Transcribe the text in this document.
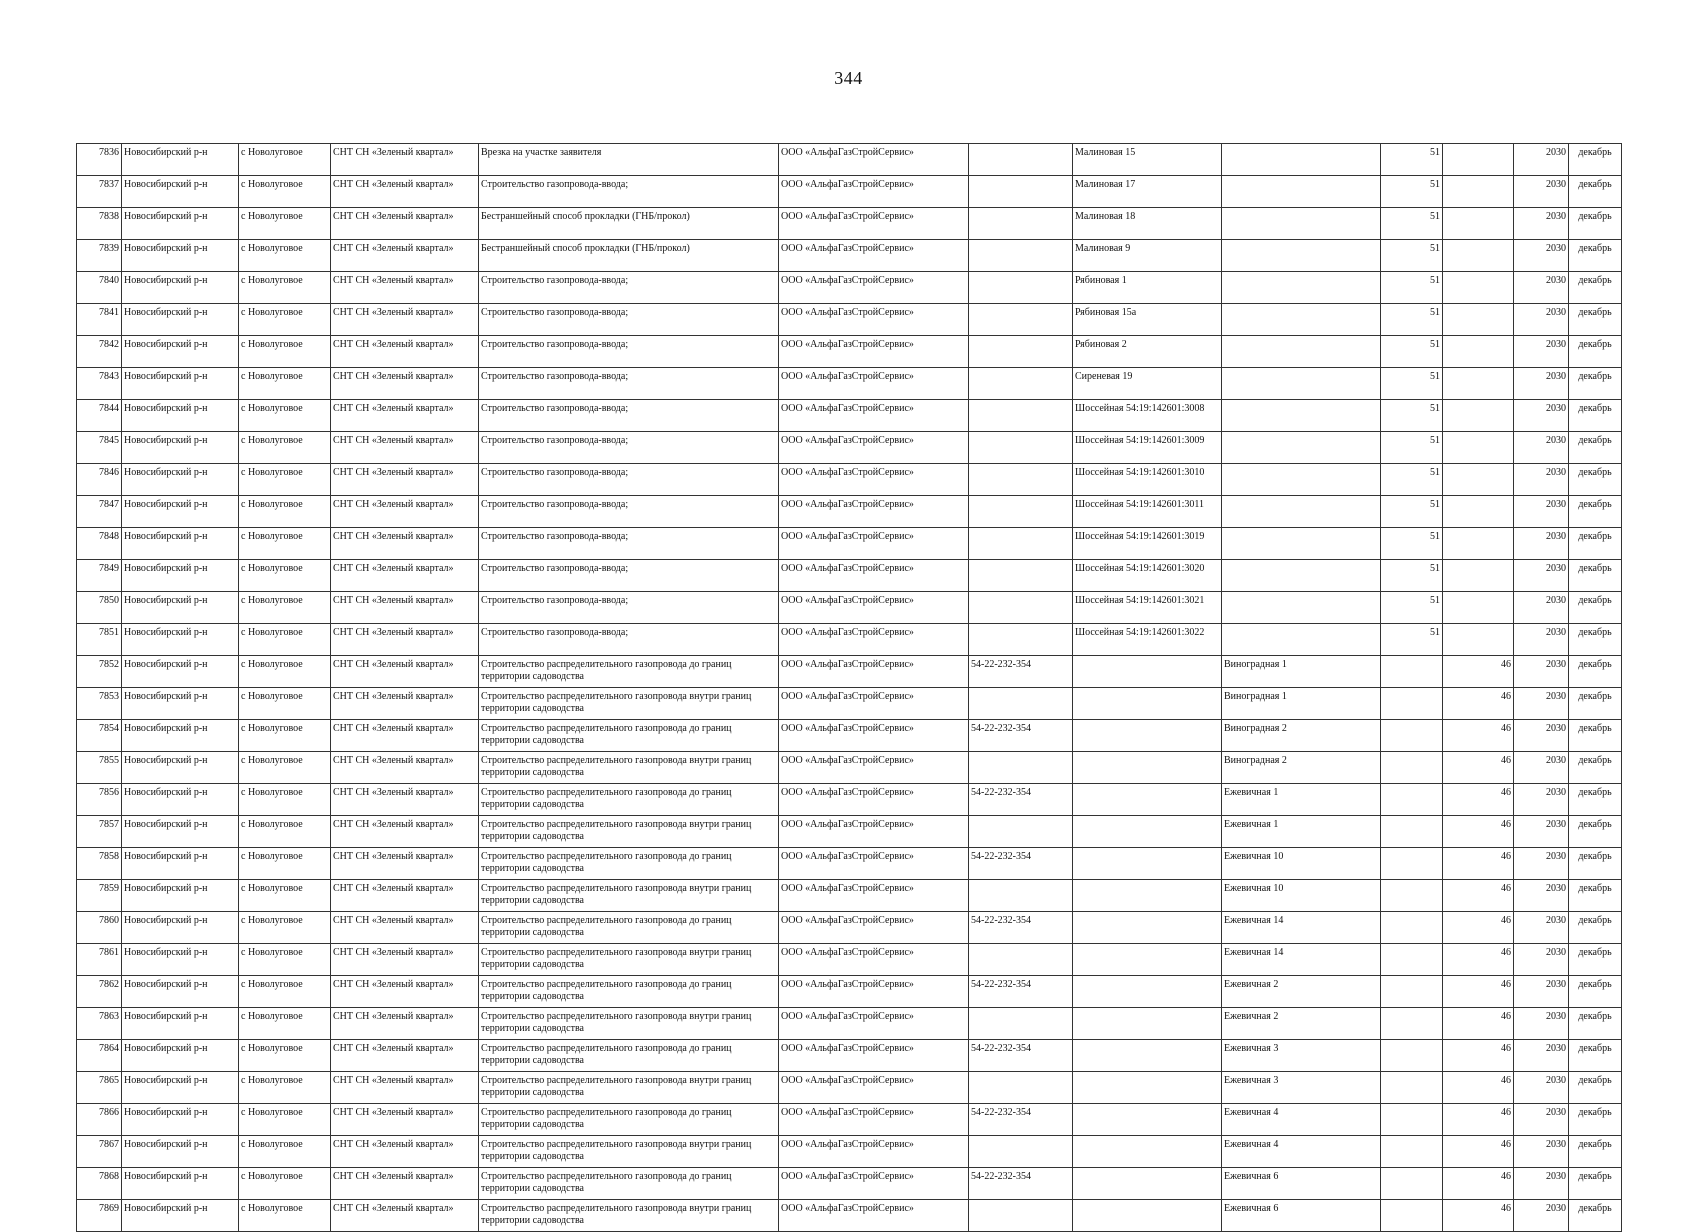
344
7836	Новосибирский р-н	с Новолуговое	СНТ СН «Зеленый квартал»	Врезка на участке заявителя	ООО «АльфаГазСтройСервис»		Малиновая 15		51		2030	декабрь
7837	Новосибирский р-н	с Новолуговое	СНТ СН «Зеленый квартал»	Строительство газопровода-ввода;	ООО «АльфаГазСтройСервис»		Малиновая 17		51		2030	декабрь
7838	Новосибирский р-н	с Новолуговое	СНТ СН «Зеленый квартал»	Бестраншейный способ прокладки (ГНБ/прокол)	ООО «АльфаГазСтройСервис»		Малиновая 18		51		2030	декабрь
7839	Новосибирский р-н	с Новолуговое	СНТ СН «Зеленый квартал»	Бестраншейный способ прокладки (ГНБ/прокол)	ООО «АльфаГазСтройСервис»		Малиновая 9		51		2030	декабрь
7840	Новосибирский р-н	с Новолуговое	СНТ СН «Зеленый квартал»	Строительство газопровода-ввода;	ООО «АльфаГазСтройСервис»		Рябиновая 1		51		2030	декабрь
7841	Новосибирский р-н	с Новолуговое	СНТ СН «Зеленый квартал»	Строительство газопровода-ввода;	ООО «АльфаГазСтройСервис»		Рябиновая 15а		51		2030	декабрь
7842	Новосибирский р-н	с Новолуговое	СНТ СН «Зеленый квартал»	Строительство газопровода-ввода;	ООО «АльфаГазСтройСервис»		Рябиновая 2		51		2030	декабрь
7843	Новосибирский р-н	с Новолуговое	СНТ СН «Зеленый квартал»	Строительство газопровода-ввода;	ООО «АльфаГазСтройСервис»		Сиреневая 19		51		2030	декабрь
7844	Новосибирский р-н	с Новолуговое	СНТ СН «Зеленый квартал»	Строительство газопровода-ввода;	ООО «АльфаГазСтройСервис»		Шоссейная 54:19:142601:3008		51		2030	декабрь
7845	Новосибирский р-н	с Новолуговое	СНТ СН «Зеленый квартал»	Строительство газопровода-ввода;	ООО «АльфаГазСтройСервис»		Шоссейная 54:19:142601:3009		51		2030	декабрь
7846	Новосибирский р-н	с Новолуговое	СНТ СН «Зеленый квартал»	Строительство газопровода-ввода;	ООО «АльфаГазСтройСервис»		Шоссейная 54:19:142601:3010		51		2030	декабрь
7847	Новосибирский р-н	с Новолуговое	СНТ СН «Зеленый квартал»	Строительство газопровода-ввода;	ООО «АльфаГазСтройСервис»		Шоссейная 54:19:142601:3011		51		2030	декабрь
7848	Новосибирский р-н	с Новолуговое	СНТ СН «Зеленый квартал»	Строительство газопровода-ввода;	ООО «АльфаГазСтройСервис»		Шоссейная 54:19:142601:3019		51		2030	декабрь
7849	Новосибирский р-н	с Новолуговое	СНТ СН «Зеленый квартал»	Строительство газопровода-ввода;	ООО «АльфаГазСтройСервис»		Шоссейная 54:19:142601:3020		51		2030	декабрь
7850	Новосибирский р-н	с Новолуговое	СНТ СН «Зеленый квартал»	Строительство газопровода-ввода;	ООО «АльфаГазСтройСервис»		Шоссейная 54:19:142601:3021		51		2030	декабрь
7851	Новосибирский р-н	с Новолуговое	СНТ СН «Зеленый квартал»	Строительство газопровода-ввода;	ООО «АльфаГазСтройСервис»		Шоссейная 54:19:142601:3022		51		2030	декабрь
7852	Новосибирский р-н	с Новолуговое	СНТ СН «Зеленый квартал»	Строительство распределительного газопровода до границ территории садоводства	ООО «АльфаГазСтройСервис»	54-22-232-354		Виноградная 1		46	2030	декабрь
7853	Новосибирский р-н	с Новолуговое	СНТ СН «Зеленый квартал»	Строительство распределительного газопровода внутри границ территории садоводства	ООО «АльфаГазСтройСервис»			Виноградная 1		46	2030	декабрь
7854	Новосибирский р-н	с Новолуговое	СНТ СН «Зеленый квартал»	Строительство распределительного газопровода до границ территории садоводства	ООО «АльфаГазСтройСервис»	54-22-232-354		Виноградная 2		46	2030	декабрь
7855	Новосибирский р-н	с Новолуговое	СНТ СН «Зеленый квартал»	Строительство распределительного газопровода внутри границ территории садоводства	ООО «АльфаГазСтройСервис»			Виноградная 2		46	2030	декабрь
7856	Новосибирский р-н	с Новолуговое	СНТ СН «Зеленый квартал»	Строительство распределительного газопровода до границ территории садоводства	ООО «АльфаГазСтройСервис»	54-22-232-354		Ежевичная 1		46	2030	декабрь
7857	Новосибирский р-н	с Новолуговое	СНТ СН «Зеленый квартал»	Строительство распределительного газопровода внутри границ территории садоводства	ООО «АльфаГазСтройСервис»			Ежевичная 1		46	2030	декабрь
7858	Новосибирский р-н	с Новолуговое	СНТ СН «Зеленый квартал»	Строительство распределительного газопровода до границ территории садоводства	ООО «АльфаГазСтройСервис»	54-22-232-354		Ежевичная 10		46	2030	декабрь
7859	Новосибирский р-н	с Новолуговое	СНТ СН «Зеленый квартал»	Строительство распределительного газопровода внутри границ территории садоводства	ООО «АльфаГазСтройСервис»			Ежевичная 10		46	2030	декабрь
7860	Новосибирский р-н	с Новолуговое	СНТ СН «Зеленый квартал»	Строительство распределительного газопровода до границ территории садоводства	ООО «АльфаГазСтройСервис»	54-22-232-354		Ежевичная 14		46	2030	декабрь
7861	Новосибирский р-н	с Новолуговое	СНТ СН «Зеленый квартал»	Строительство распределительного газопровода внутри границ территории садоводства	ООО «АльфаГазСтройСервис»			Ежевичная 14		46	2030	декабрь
7862	Новосибирский р-н	с Новолуговое	СНТ СН «Зеленый квартал»	Строительство распределительного газопровода до границ территории садоводства	ООО «АльфаГазСтройСервис»	54-22-232-354		Ежевичная 2		46	2030	декабрь
7863	Новосибирский р-н	с Новолуговое	СНТ СН «Зеленый квартал»	Строительство распределительного газопровода внутри границ территории садоводства	ООО «АльфаГазСтройСервис»			Ежевичная 2		46	2030	декабрь
7864	Новосибирский р-н	с Новолуговое	СНТ СН «Зеленый квартал»	Строительство распределительного газопровода до границ территории садоводства	ООО «АльфаГазСтройСервис»	54-22-232-354		Ежевичная 3		46	2030	декабрь
7865	Новосибирский р-н	с Новолуговое	СНТ СН «Зеленый квартал»	Строительство распределительного газопровода внутри границ территории садоводства	ООО «АльфаГазСтройСервис»			Ежевичная 3		46	2030	декабрь
7866	Новосибирский р-н	с Новолуговое	СНТ СН «Зеленый квартал»	Строительство распределительного газопровода до границ территории садоводства	ООО «АльфаГазСтройСервис»	54-22-232-354		Ежевичная 4		46	2030	декабрь
7867	Новосибирский р-н	с Новолуговое	СНТ СН «Зеленый квартал»	Строительство распределительного газопровода внутри границ территории садоводства	ООО «АльфаГазСтройСервис»			Ежевичная 4		46	2030	декабрь
7868	Новосибирский р-н	с Новолуговое	СНТ СН «Зеленый квартал»	Строительство распределительного газопровода до границ территории садоводства	ООО «АльфаГазСтройСервис»	54-22-232-354		Ежевичная 6		46	2030	декабрь
7869	Новосибирский р-н	с Новолуговое	СНТ СН «Зеленый квартал»	Строительство распределительного газопровода внутри границ территории садоводства	ООО «АльфаГазСтройСервис»			Ежевичная 6		46	2030	декабрь
